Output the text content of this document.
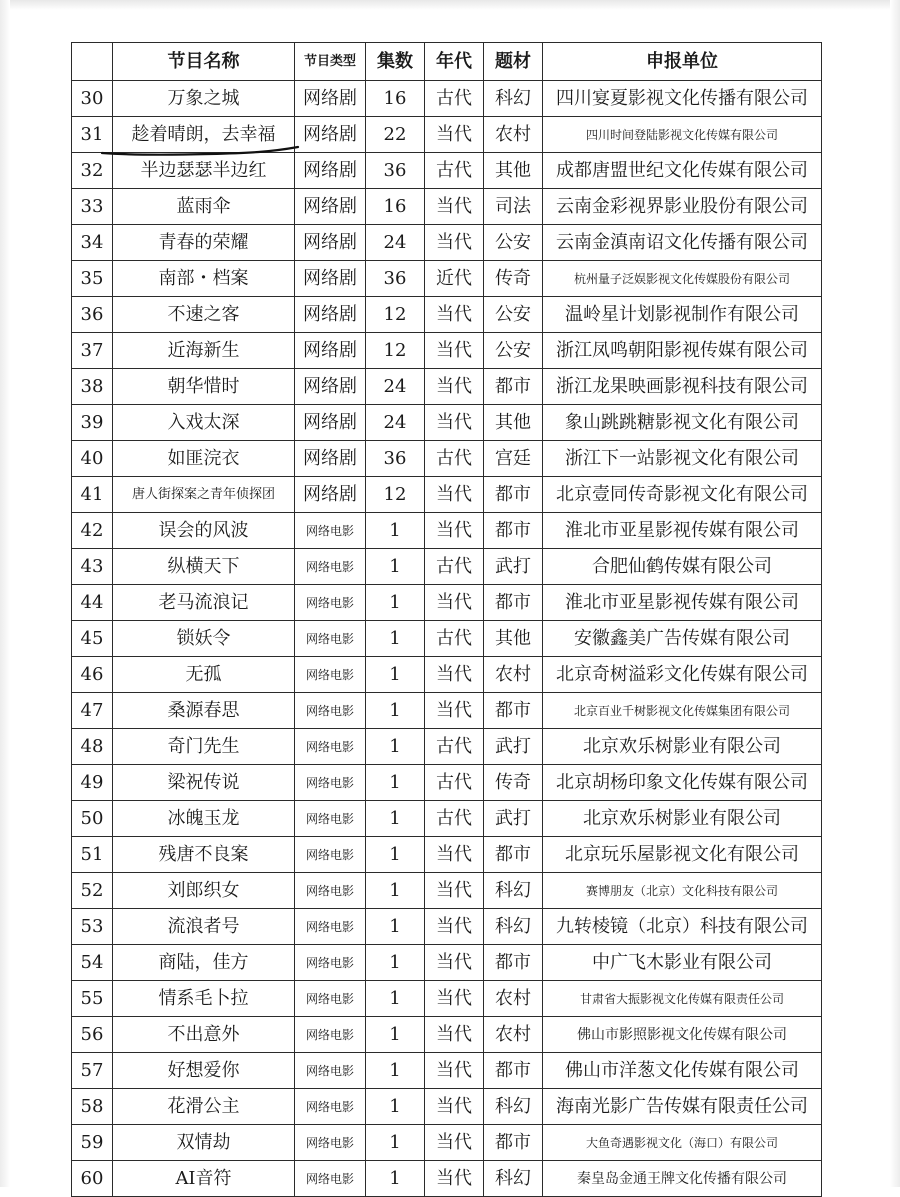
	节目名称	节目类型	集数	年代	题材	申报单位
30	万象之城	网络剧	16	古代	科幻	四川宴夏影视文化传播有限公司
31	趁着晴朗，去幸福	网络剧	22	当代	农村	四川时间登陆影视文化传媒有限公司
32	半边瑟瑟半边红	网络剧	36	古代	其他	成都唐盟世纪文化传媒有限公司
33	蓝雨伞	网络剧	16	当代	司法	云南金彩视界影业股份有限公司
34	青春的荣耀	网络剧	24	当代	公安	云南金滇南诏文化传播有限公司
35	南部・档案	网络剧	36	近代	传奇	杭州量子泛娱影视文化传媒股份有限公司
36	不速之客	网络剧	12	当代	公安	温岭星计划影视制作有限公司
37	近海新生	网络剧	12	当代	公安	浙江凤鸣朝阳影视传媒有限公司
38	朝华惜时	网络剧	24	当代	都市	浙江龙果映画影视科技有限公司
39	入戏太深	网络剧	24	当代	其他	象山跳跳糖影视文化有限公司
40	如匪浣衣	网络剧	36	古代	宫廷	浙江下一站影视文化有限公司
41	唐人街探案之青年侦探团	网络剧	12	当代	都市	北京壹同传奇影视文化有限公司
42	误会的风波	网络电影	1	当代	都市	淮北市亚星影视传媒有限公司
43	纵横天下	网络电影	1	古代	武打	合肥仙鹤传媒有限公司
44	老马流浪记	网络电影	1	当代	都市	淮北市亚星影视传媒有限公司
45	锁妖令	网络电影	1	古代	其他	安徽鑫美广告传媒有限公司
46	无孤	网络电影	1	当代	农村	北京奇树溢彩文化传媒有限公司
47	桑源春思	网络电影	1	当代	都市	北京百业千树影视文化传媒集团有限公司
48	奇门先生	网络电影	1	古代	武打	北京欢乐树影业有限公司
49	梁祝传说	网络电影	1	古代	传奇	北京胡杨印象文化传媒有限公司
50	冰魄玉龙	网络电影	1	古代	武打	北京欢乐树影业有限公司
51	残唐不良案	网络电影	1	当代	都市	北京玩乐屋影视文化有限公司
52	刘郎织女	网络电影	1	当代	科幻	赛博朋友（北京）文化科技有限公司
53	流浪者号	网络电影	1	当代	科幻	九转棱镜（北京）科技有限公司
54	商陆，佳方	网络电影	1	当代	都市	中广飞木影业有限公司
55	情系毛卜拉	网络电影	1	当代	农村	甘肃省大振影视文化传媒有限责任公司
56	不出意外	网络电影	1	当代	农村	佛山市影照影视文化传媒有限公司
57	好想爱你	网络电影	1	当代	都市	佛山市洋葱文化传媒有限公司
58	花滑公主	网络电影	1	当代	科幻	海南光影广告传媒有限责任公司
59	双情劫	网络电影	1	当代	都市	大鱼奇遇影视文化（海口）有限公司
60	AI音符	网络电影	1	当代	科幻	秦皇岛金通王牌文化传播有限公司
